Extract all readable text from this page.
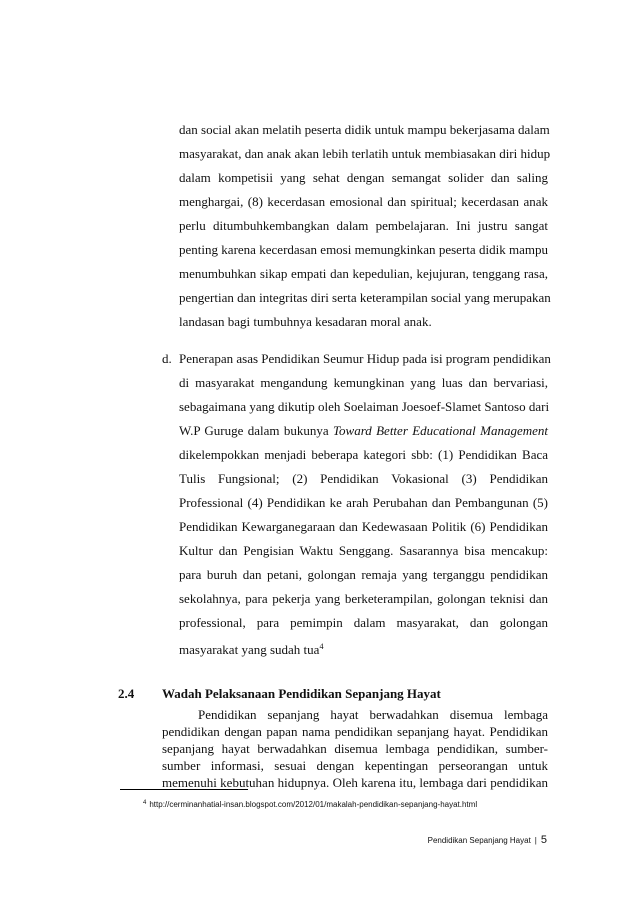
dan social akan melatih peserta didik untuk mampu bekerjasama dalam
masyarakat, dan anak akan lebih terlatih untuk membiasakan diri hidup
dalam kompetisii yang sehat dengan semangat solider dan saling
menghargai, (8) kecerdasan emosional dan spiritual; kecerdasan anak
perlu ditumbuhkembangkan dalam pembelajaran. Ini justru sangat
penting karena kecerdasan emosi memungkinkan peserta didik mampu
menumbuhkan sikap empati dan kepedulian, kejujuran, tenggang rasa,
pengertian dan integritas diri serta keterampilan social yang merupakan
landasan bagi tumbuhnya kesadaran moral anak.
d. Penerapan asas Pendidikan Seumur Hidup pada isi program pendidikan
di masyarakat mengandung kemungkinan yang luas dan bervariasi,
sebagaimana yang dikutip oleh Soelaiman Joesoef-Slamet Santoso dari
W.P Guruge dalam bukunya Toward Better Educational Management
dikelempokkan menjadi beberapa kategori sbb: (1) Pendidikan Baca
Tulis Fungsional; (2) Pendidikan Vokasional (3) Pendidikan
Professional (4) Pendidikan ke arah Perubahan dan Pembangunan (5)
Pendidikan Kewarganegaraan dan Kedewasaan Politik (6) Pendidikan
Kultur dan Pengisian Waktu Senggang. Sasarannya bisa mencakup:
para buruh dan petani, golongan remaja yang terganggu pendidikan
sekolahnya, para pekerja yang berketerampilan, golongan teknisi dan
professional, para pemimpin dalam masyarakat, dan golongan
masyarakat yang sudah tua$^4$
2.4 Wadah Pelaksanaan Pendidikan Sepanjang Hayat
Pendidikan sepanjang hayat berwadahkan disemua lembaga
pendidikan dengan papan nama pendidikan sepanjang hayat. Pendidikan
sepanjang hayat berwadahkan disemua lembaga pendidikan, sumber-
sumber informasi, sesuai dengan kepentingan perseorangan untuk
memenuhi kebutuhan hidupnya. Oleh karena itu, lembaga dari pendidikan
$^4$ http://cerminanhatial-insan.blogspot.com/2012/01/makalah-pendidikan-sepanjang-hayat.html
Pendidikan Sepanjang Hayat | 5
